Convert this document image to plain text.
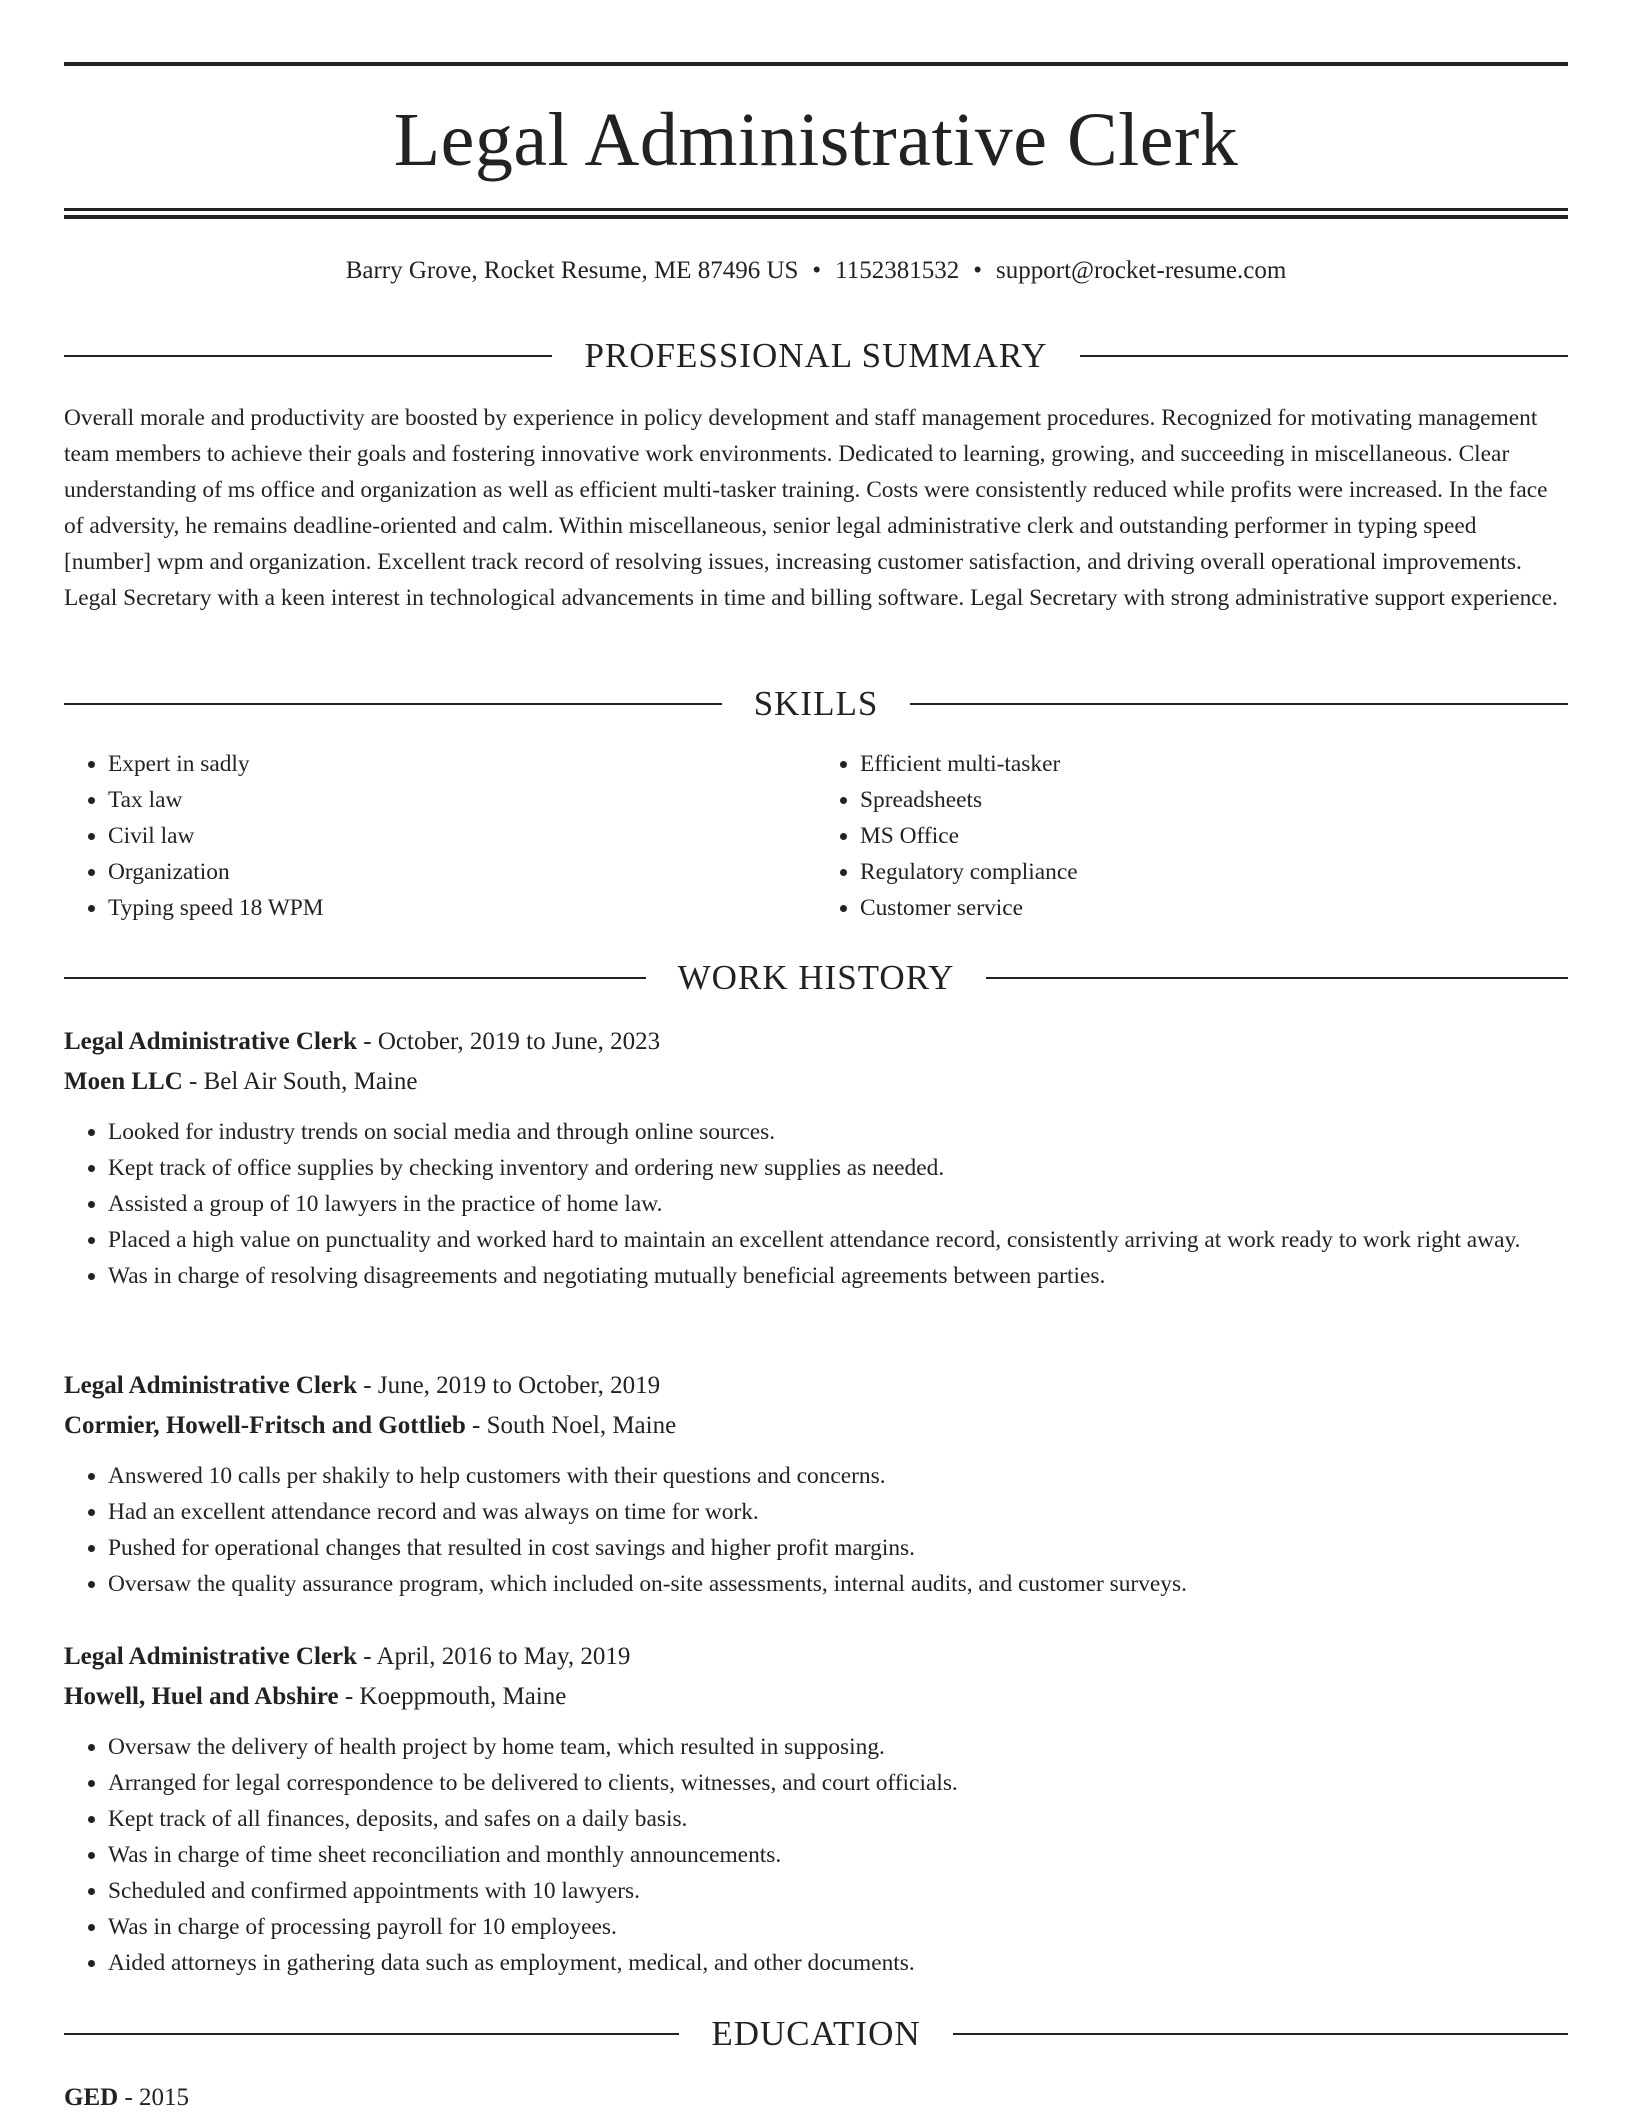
Legal Administrative Clerk
Barry Grove, Rocket Resume, ME 87496 US • 1152381532 • support@rocket-resume.com
PROFESSIONAL SUMMARY

Overall morale and productivity are boosted by experience in policy development and staff management procedures. Recognized for motivating management team members to achieve their goals and fostering innovative work environments. Dedicated to learning, growing, and succeeding in miscellaneous. Clear understanding of ms office and organization as well as efficient multi-tasker training. Costs were consistently reduced while profits were increased. In the face of adversity, he remains deadline-oriented and calm. Within miscellaneous, senior legal administrative clerk and outstanding performer in typing speed [number] wpm and organization. Excellent track record of resolving issues, increasing customer satisfaction, and driving overall operational improvements. Legal Secretary with a keen interest in technological advancements in time and billing software. Legal Secretary with strong administrative support experience.

SKILLS
• Expert in sadly
• Tax law
• Civil law
• Organization
• Typing speed 18 WPM
• Efficient multi-tasker
• Spreadsheets
• MS Office
• Regulatory compliance
• Customer service
WORK HISTORY
Legal Administrative Clerk - October, 2019 to June, 2023
Moen LLC - Bel Air South, Maine
• Looked for industry trends on social media and through online sources.
• Kept track of office supplies by checking inventory and ordering new supplies as needed.
• Assisted a group of 10 lawyers in the practice of home law.
• Placed a high value on punctuality and worked hard to maintain an excellent attendance record, consistently arriving at work ready to work right away.
• Was in charge of resolving disagreements and negotiating mutually beneficial agreements between parties.
Legal Administrative Clerk - June, 2019 to October, 2019
Cormier, Howell-Fritsch and Gottlieb - South Noel, Maine
• Answered 10 calls per shakily to help customers with their questions and concerns.
• Had an excellent attendance record and was always on time for work.
• Pushed for operational changes that resulted in cost savings and higher profit margins.
• Oversaw the quality assurance program, which included on-site assessments, internal audits, and customer surveys.
Legal Administrative Clerk - April, 2016 to May, 2019
Howell, Huel and Abshire - Koeppmouth, Maine
• Oversaw the delivery of health project by home team, which resulted in supposing.
• Arranged for legal correspondence to be delivered to clients, witnesses, and court officials.
• Kept track of all finances, deposits, and safes on a daily basis.
• Was in charge of time sheet reconciliation and monthly announcements.
• Scheduled and confirmed appointments with 10 lawyers.
• Was in charge of processing payroll for 10 employees.
• Aided attorneys in gathering data such as employment, medical, and other documents.
EDUCATION
GED - 2015
